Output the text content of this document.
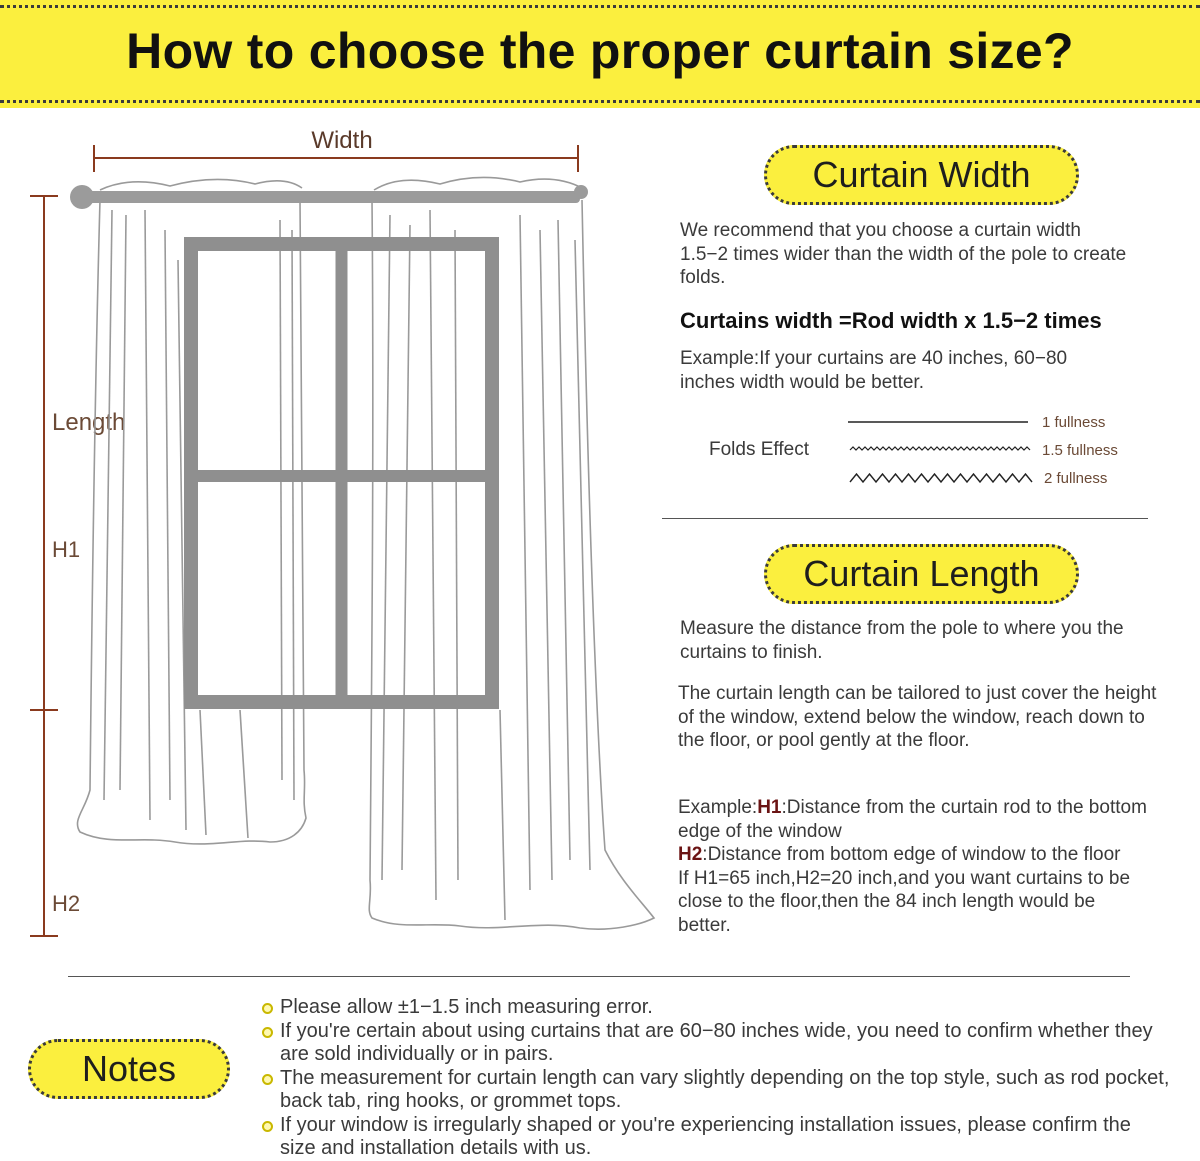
How to choose the proper curtain size?
Width
Length
H1
H2
Curtain Width
We recommend that you choose a curtain width 1.5−2 times wider than the width of the pole to create folds.
Curtains width =Rod width x 1.5−2 times
Example:If your curtains are 40 inches, 60−80 inches width would be better.
Folds Effect
1 fullness
1.5 fullness
2 fullness
Curtain Length
Measure the distance from the pole to where you the curtains to finish.
The curtain length can be tailored to just cover the height of the window, extend below the window, reach down to the floor, or pool gently at the floor.
Example:H1:Distance from the curtain rod to the bottom edge of the window
H2:Distance from bottom edge of window to the floor
If H1=65 inch,H2=20 inch,and you want curtains to be close to the floor,then the 84 inch length would be better.
Notes
Please allow ±1−1.5 inch measuring error.
If you're certain about using curtains that are 60−80 inches wide, you need to confirm whether they are sold individually or in pairs.
The measurement for curtain length can vary slightly depending on the top style, such as rod pocket, back tab, ring hooks, or grommet tops.
If your window is irregularly shaped or you're experiencing installation issues, please confirm the size and installation details with us.
